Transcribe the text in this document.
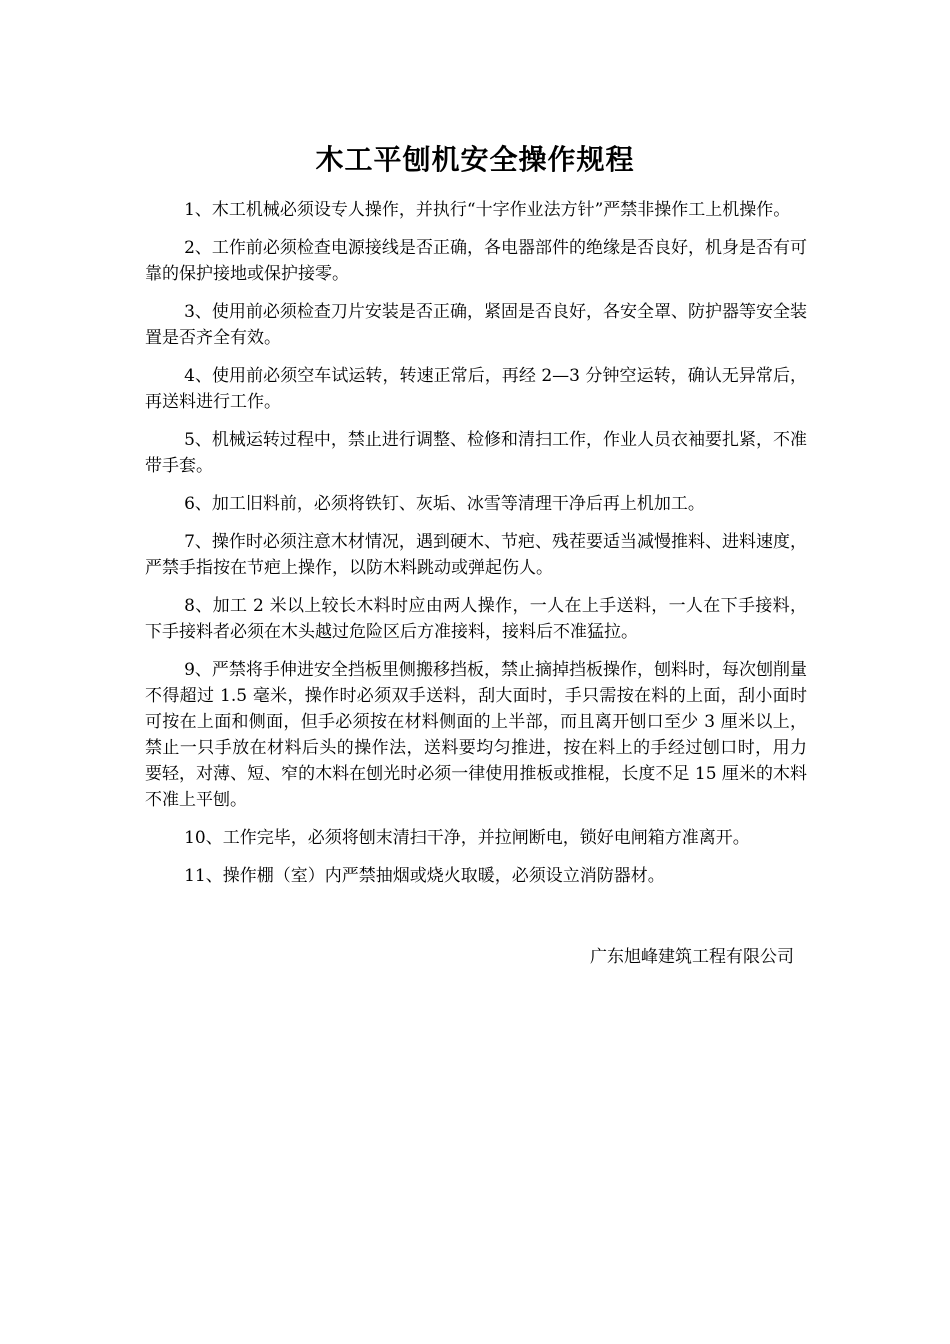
木工平刨机安全操作规程

1、木工机械必须设专人操作，并执行“十字作业法方针”严禁非操作工上机操作。

2、工作前必须检查电源接线是否正确，各电器部件的绝缘是否良好，机身是否有可靠的保护接地或保护接零。

3、使用前必须检查刀片安装是否正确，紧固是否良好，各安全罩、防护器等安全装置是否齐全有效。

4、使用前必须空车试运转，转速正常后，再经 2—3 分钟空运转，确认无异常后，再送料进行工作。

5、机械运转过程中，禁止进行调整、检修和清扫工作，作业人员衣袖要扎紧，不准带手套。

6、加工旧料前，必须将铁钉、灰垢、冰雪等清理干净后再上机加工。

7、操作时必须注意木材情况，遇到硬木、节疤、残茬要适当减慢推料、进料速度，严禁手指按在节疤上操作，以防木料跳动或弹起伤人。

8、加工 2 米以上较长木料时应由两人操作，一人在上手送料，一人在下手接料，下手接料者必须在木头越过危险区后方准接料，接料后不准猛拉。

9、严禁将手伸进安全挡板里侧搬移挡板，禁止摘掉挡板操作，刨料时，每次刨削量不得超过 1.5 毫米，操作时必须双手送料，刮大面时，手只需按在料的上面，刮小面时可按在上面和侧面，但手必须按在材料侧面的上半部，而且离开刨口至少 3 厘米以上，禁止一只手放在材料后头的操作法，送料要均匀推进，按在料上的手经过刨口时，用力要轻，对薄、短、窄的木料在刨光时必须一律使用推板或推棍，长度不足 15 厘米的木料不准上平刨。

10、工作完毕，必须将刨末清扫干净，并拉闸断电，锁好电闸箱方准离开。

11、操作棚（室）内严禁抽烟或烧火取暖，必须设立消防器材。

广东旭峰建筑工程有限公司
